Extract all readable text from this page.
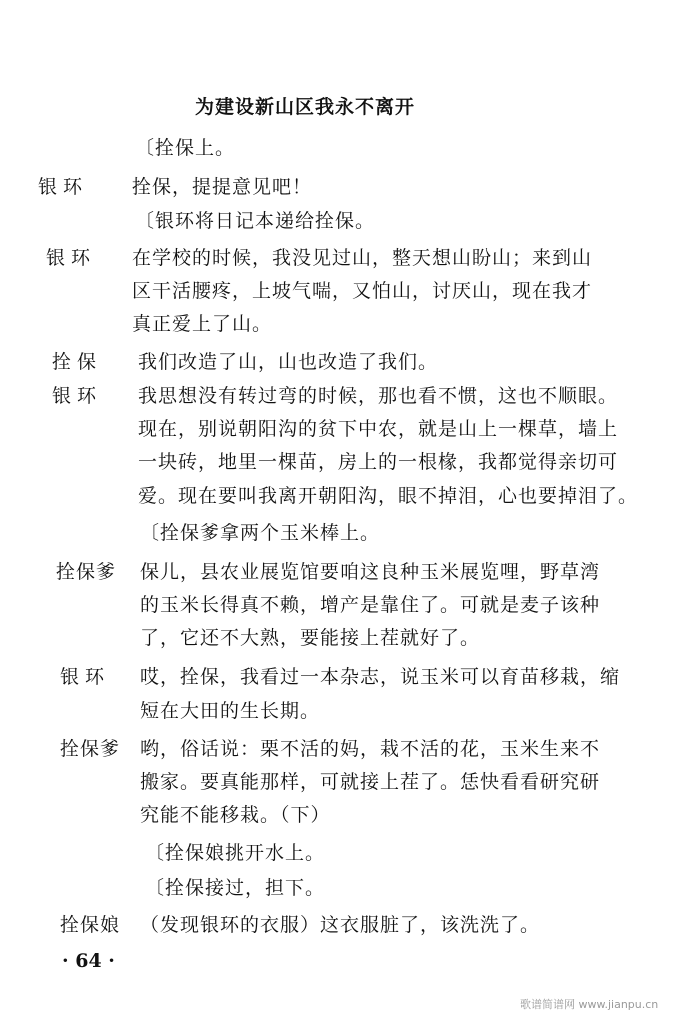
为建设新山区我永不离开
〔拴保上。
银 环	拴保，提提意见吧！
〔银环将日记本递给拴保。
银 环	在学校的时候，我没见过山，整天想山盼山；来到山
区干活腰疼，上坡气喘，又怕山，讨厌山，现在我才
真正爱上了山。
拴 保	我们改造了山，山也改造了我们。
银 环	我思想没有转过弯的时候，那也看不惯，这也不顺眼。
现在，别说朝阳沟的贫下中农，就是山上一棵草，墙上
一块砖，地里一棵苗，房上的一根椽，我都觉得亲切可
爱。现在要叫我离开朝阳沟，眼不掉泪，心也要掉泪了。
〔拴保爹拿两个玉米棒上。
拴保爹	保儿，县农业展览馆要咱这良种玉米展览哩，野草湾
的玉米长得真不赖，增产是靠住了。可就是麦子该种
了，它还不大熟，要能接上茬就好了。
银 环	哎，拴保，我看过一本杂志，说玉米可以育苗移栽，缩
短在大田的生长期。
拴保爹	哟，俗话说：栗不活的妈，栽不活的花，玉米生来不
搬家。要真能那样，可就接上茬了。恁快看看研究研
究能不能移栽。（下）
〔拴保娘挑开水上。
〔拴保接过，担下。
拴保娘	（发现银环的衣服）这衣服脏了，该洗洗了。
· 64 ·
歌谱简谱网 www.jianpu.cn
